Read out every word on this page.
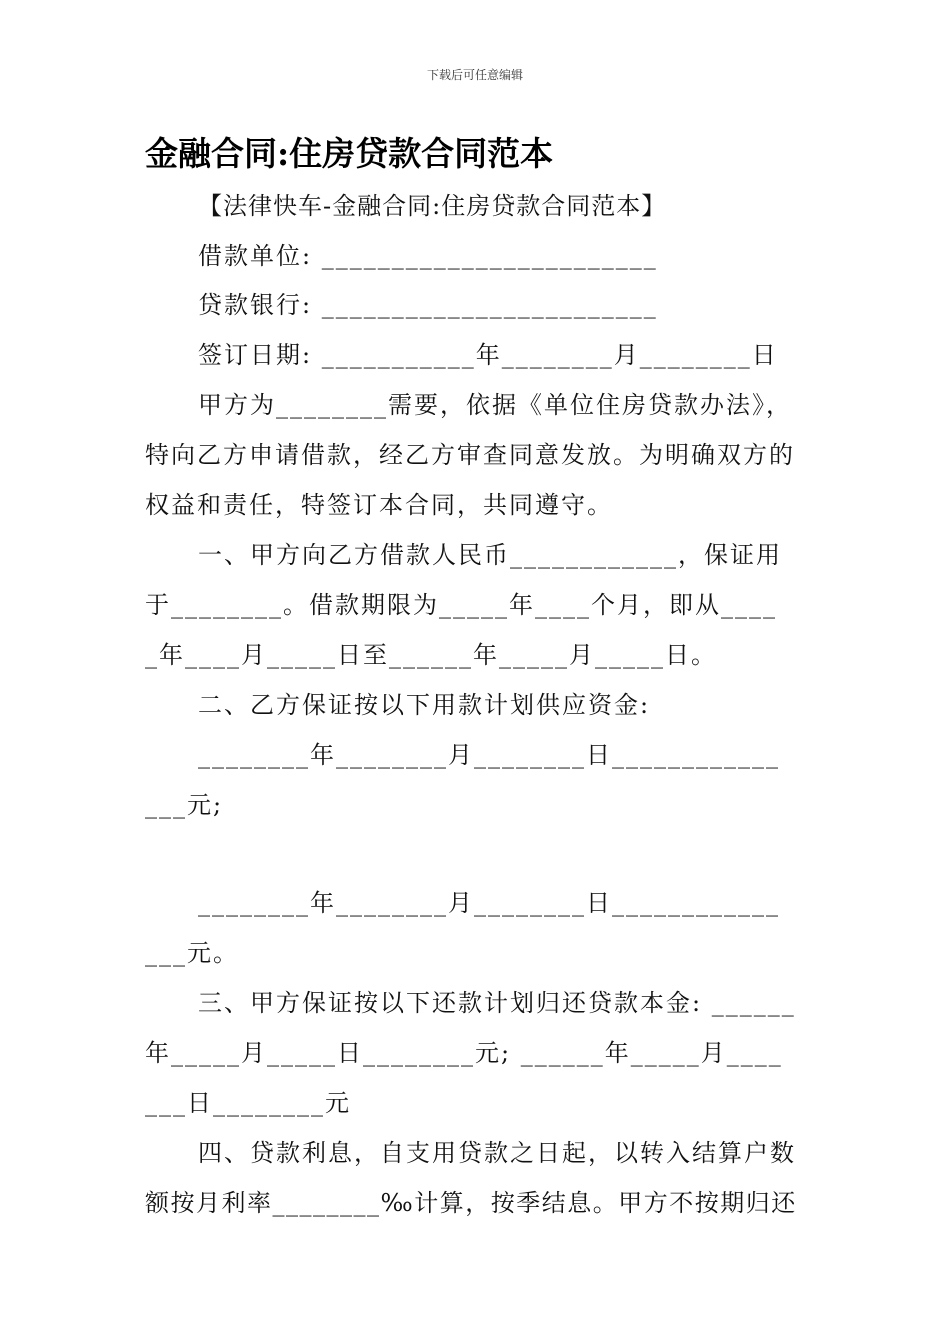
下载后可任意编辑
金融合同:住房贷款合同范本
【法律快车-金融合同:住房贷款合同范本】
借款单位: ________________________
贷款银行: ________________________
签订日期: ___________年________月________日
甲方为________需要，依据《单位住房贷款办法》，
特向乙方申请借款，经乙方审查同意发放。为明确双方的
权益和责任，特签订本合同，共同遵守。
一、甲方向乙方借款人民币____________，保证用
于________。借款期限为_____年____个月，即从____
_年____月_____日至______年_____月_____日。
二、乙方保证按以下用款计划供应资金:
________年________月________日____________
___元;
________年________月________日____________
___元。
三、甲方保证按以下还款计划归还贷款本金: ______
年_____月_____日________元; ______年_____月____
___日________元
四、贷款利息，自支用贷款之日起，以转入结算户数
额按月利率________‰计算，按季结息。甲方不按期归还
